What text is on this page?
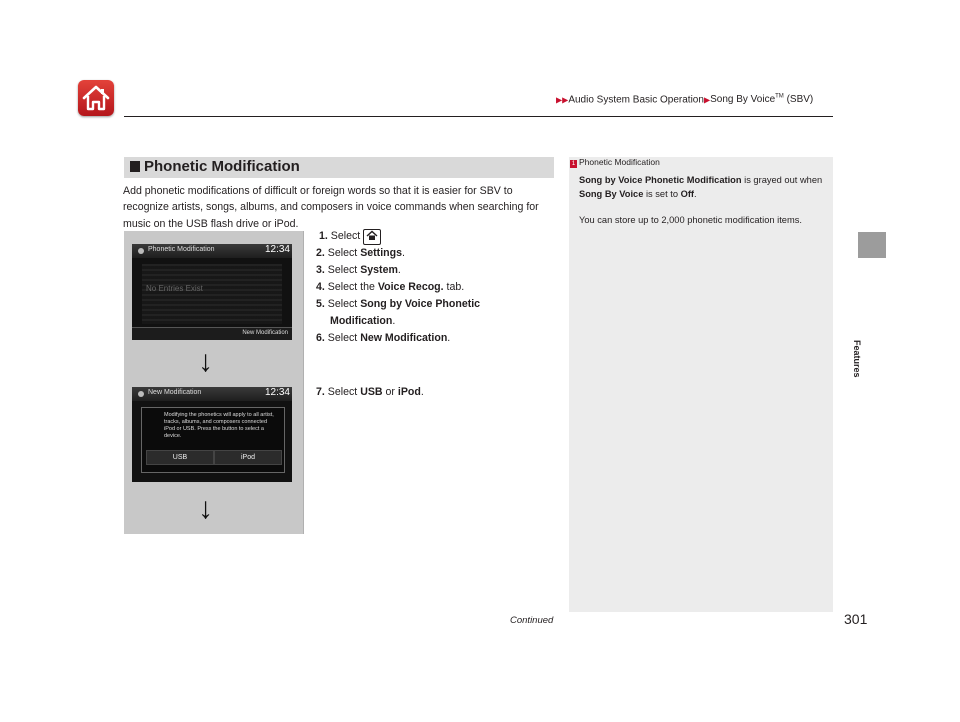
▶▶Audio System Basic Operation▶Song By Voice™ (SBV)
Features
Phonetic Modification
Add phonetic modifications of difficult or foreign words so that it is easier for SBV to recognize artists, songs, albums, and composers in voice commands when searching for music on the USB flash drive or iPod.
Phonetic Modification	12:34
No Entries Exist
New Modification
↓
New Modification	12:34
Modifying the phonetics will apply to all artist, tracks, albums, and composers connected iPod or USB. Press the button to select a device.
USB	iPod
↓
1. Select
2. Select Settings.
3. Select System.
4. Select the Voice Recog. tab.
5. Select Song by Voice Phonetic
Modification.
6. Select New Modification.
7. Select USB or iPod.
1 Phonetic Modification
Song by Voice Phonetic Modification is grayed out when Song By Voice is set to Off.
You can store up to 2,000 phonetic modification items.
Continued	301
